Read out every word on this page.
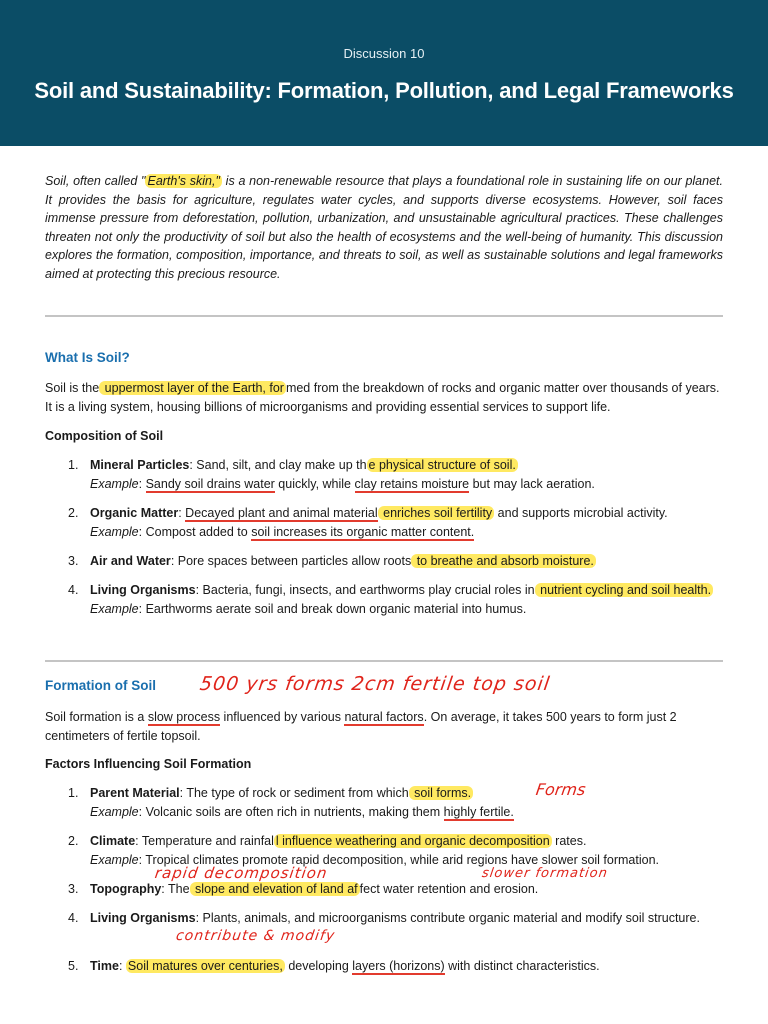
Discussion 10
Soil and Sustainability: Formation, Pollution, and Legal Frameworks
Soil, often called " Earth's skin," is a non-renewable resource that plays a foundational role in sustaining life on our planet. It provides the basis for agriculture, regulates water cycles, and supports diverse ecosystems. However, soil faces immense pressure from deforestation, pollution, urbanization, and unsustainable agricultural practices. These challenges threaten not only the productivity of soil but also the health of ecosystems and the well-being of humanity. This discussion explores the formation, composition, importance, and threats to soil, as well as sustainable solutions and legal frameworks aimed at protecting this precious resource.
What Is Soil?
Soil is the uppermost layer of the Earth, for med from the breakdown of rocks and organic matter over thousands of years. It is a living system, housing billions of microorganisms and providing essential services to support life.
Composition of Soil
1. Mineral Particles: Sand, silt, and clay make up th e physical structure of soil.
Example: Sandy soil drains water quickly, while clay retains moisture but may lack aeration.
2. Organic Matter: Decayed plant and animal material enriches soil fertility and supports microbial activity.
Example: Compost added to soil increases its organic matter content.
3. Air and Water: Pore spaces between particles allow roots to breathe and absorb moisture.
4. Living Organisms: Bacteria, fungi, insects, and earthworms play crucial roles in nutrient cycling and soil health.
Example: Earthworms aerate soil and break down organic material into humus.
Formation of Soil 500 yrs forms 2cm fertile top soil
Soil formation is a slow process influenced by various natural factors. On average, it takes 500 years to form just 2 centimeters of fertile topsoil.
Factors Influencing Soil Formation
1. Parent Material: The type of rock or sediment from which soil forms.
Example: Volcanic soils are often rich in nutrients, making them highly fertile.
Forms
2. Climate: Temperature and rainfal l influence weathering and organic decomposition rates.
Example: Tropical climates promote rapid decomposition, while arid regions have slower soil formation.
rapid decomposition	slower formation
3. Topography: The slope and elevation of land af fect water retention and erosion.
4. Living Organisms: Plants, animals, and microorganisms contribute organic material and modify soil structure.
contribute & modify
5. Time: Soil matures over centuries, developing layers (horizons) with distinct characteristics.
